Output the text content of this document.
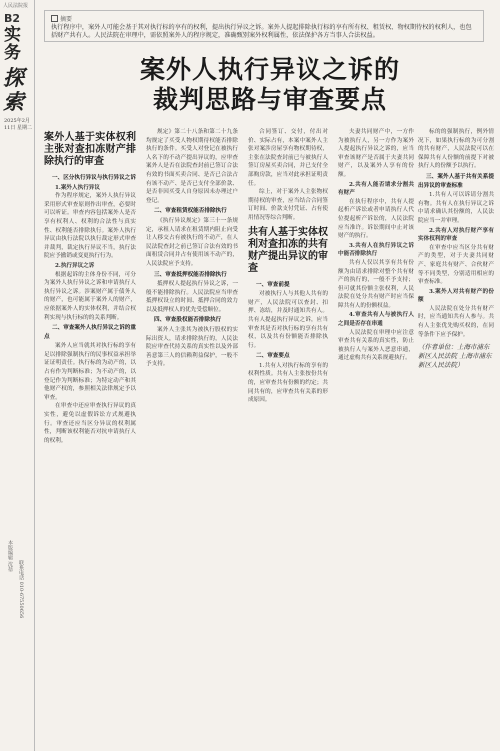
人民法院报
B2
实务
探索
2025年2月11日 星期二
本版编辑 沈蓓
联系电话 010-67550656
摘要
执行程序中，案外人可能会基于其对执行标的享有的权利，提出执行异议之诉。案外人提起排除执行标的享有所有权、租赁权、物权期待权的权利人，也包括财产共有人。人民法院在审理中，需依照案外人的程序规定，准确甄别案外权利属性，依法保护各方当事人合法权益。
案外人执行异议之诉的
裁判思路与审查要点
案外人基于实体权利主张对查扣冻财产排除执行的审查

一、区分执行异议与执行异议之诉

1.案外人执行异议

作为程序规定，案外人执行异议采用形式审查原则作出审查，必要时可以听证。审查内容包括案外人是否享有权利人、权利的合法性与真实性、权利能否排除执行。案外人执行异议由执行法院以执行裁定形式审查并裁判，裁定执行异议不当，执行法院应予撤销或变更执行行为。

2.执行异议之诉

根据起诉的主体身份不同，可分为案外人执行异议之诉和申请执行人执行异议之诉。涉案财产属于债务人的财产，也可能属于案外人的财产，应依据案外人的实体权利，并结合权利实现与执行标的的关系判断。

二、审查案外人执行异议之诉的重点

案外人应当就其对执行标的享有足以排除强制执行的民事权益承担举证证明责任。执行标的为动产的，以占有作为判断标准；为不动产的，以登记作为判断标准；为特定动产和其他财产权的，参照相关法律规定予以审查。

在审查中还应审查执行异议的真实性，避免以虚假诉讼方式规避执行。审查还应当区分异议的权利属性，判断该权利能否对抗申请执行人的权利。

规定》第二十八条和第二十九条均规定了买受人物权期待权能否排除执行的条件。买受人对登记在被执行人名下的不动产提出异议的，应审查案外人是否在法院查封前已签订合法有效的书面买卖合同、是否已合法占有该不动产、是否已支付全部价款、是否非因买受人自身原因未办理过户登记。

二、审查租赁权能否排除执行

《执行异议规定》第三十一条规定，承租人请求在租赁期内阻止向受让人移交占有被执行的不动产，在人民法院查封之前已签订合法有效的书面租赁合同并占有使用该不动产的，人民法院应予支持。

三、审查抵押权能否排除执行

抵押权人提起执行异议之诉，一般不能排除执行。人民法院应当审查抵押权设立的时间、抵押合同的效力以及抵押权人的优先受偿顺位。

四、审查股权能否排除执行

案外人主张其为被执行股权的实际出资人，请求排除执行的，人民法院应审查代持关系的真实性以及外部善意第三人的信赖利益保护，一般不予支持。

合同签订、交付，付出对价、实际占有，本案中案外人主张对案涉房屋享有物权期待权，主张在法院查封前已与被执行人签订房屋买卖合同，并已支付全部购房款，应当对此承担证明责任。

综上，对于案外人主张物权期待权的审查，应当结合合同签订时间、价款支付凭证、占有使用情况等综合判断。

共有人基于实体权利对查扣冻的共有财产提出异议的审查

一、审查前提

对被执行人与其他人共有的财产，人民法院可以查封、扣押、冻结，并及时通知共有人。共有人提起执行异议之诉，应当审查其是否对执行标的享有共有权，以及共有份额能否排除执行。

二、审查要点

1.共有人对执行标的享有的权利性质。共有人主张按份共有的，应审查共有份额的约定；共同共有的，应审查共有关系的形成原因。

夫妻共同财产中，一方作为被执行人，另一方作为案外人提起执行异议之诉的，应当审查该财产是否属于夫妻共同财产，以及案外人享有的份额。

2.共有人能否请求分割共有财产

在执行程序中，共有人提起析产诉讼或者申请执行人代位提起析产诉讼的，人民法院应当准许。诉讼期间中止对该财产的执行。

3.共有人在执行异议之诉中能否排除执行

共有人仅以其享有共有份额为由请求排除对整个共有财产的执行的，一般不予支持；但可就其份额主张权利，人民法院在处分共有财产时应当保障共有人的份额权益。

4.审查共有人与被执行人之间是否存在串通

人民法院在审理中应注意审查共有关系的真实性，防止被执行人与案外人恶意串通，通过虚构共有关系规避执行。

标的的强制执行，例外情况下，如果执行标的为可分割的共有财产，人民法院可以在保障共有人份额的前提下对被执行人的份额予以执行。

三、案外人基于共有关系提出异议的审查标准

1.共有人可以诉请分割共有物。共有人在执行异议之诉中请求确认其份额的，人民法院应当一并审理。

2.共有人对执行财产享有实体权利的审查

在审查中应当区分共有财产的类型，对于夫妻共同财产、家庭共有财产、合伙财产等不同类型，分别适用相应的审查标准。

3.案外人对共有财产的份额

人民法院在处分共有财产时，应当通知共有人参与。共有人主张优先购买权的，在同等条件下应予保护。

（作者单位：上海市浦东新区人民法院 上海市浦东新区人民法院）
